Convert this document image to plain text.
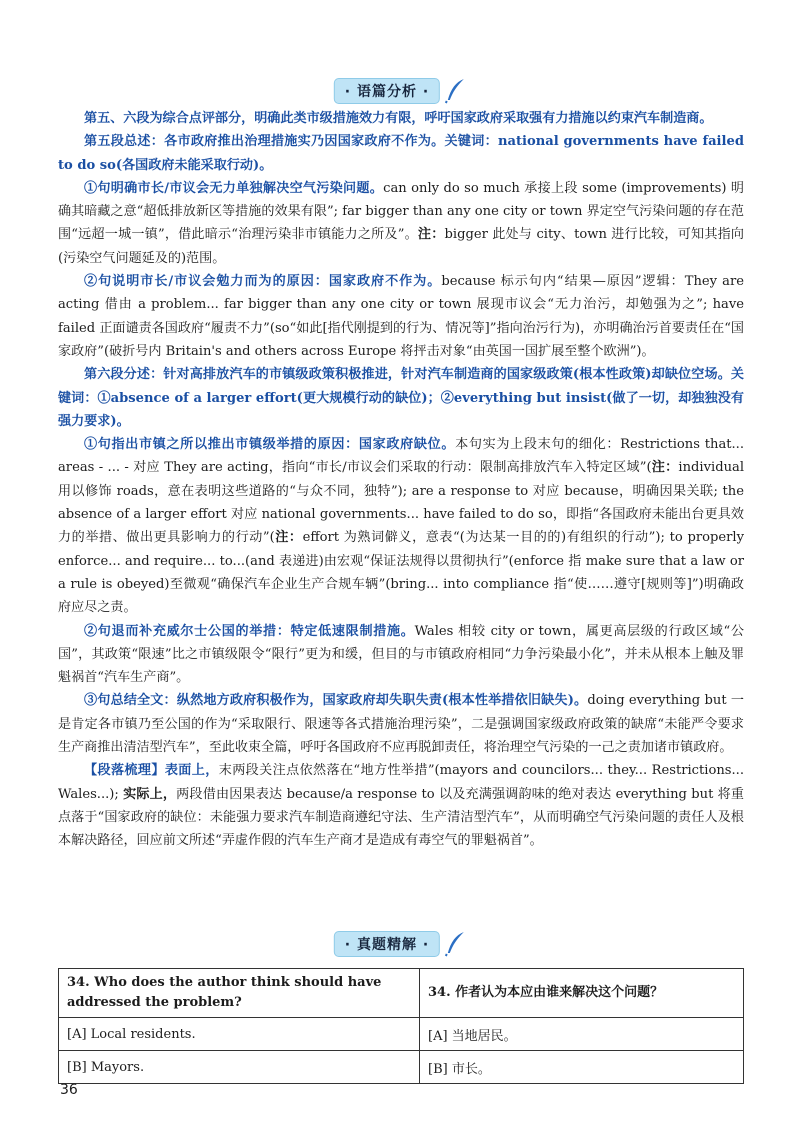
· 语篇分析 ·

第五、六段为综合点评部分，明确此类市级措施效力有限，呼吁国家政府采取强有力措施以约束汽车制造商。

第五段总述：各市政府推出治理措施实乃因国家政府不作为。关键词：national governments have failed to do so(各国政府未能采取行动)。

①句明确市长/市议会无力单独解决空气污染问题。can only do so much 承接上段 some (improvements) 明确其暗藏之意“超低排放新区等措施的效果有限”; far bigger than any one city or town 界定空气污染问题的存在范围“远超一城一镇”，借此暗示“治理污染非市镇能力之所及”。注：bigger 此处与 city、town 进行比较，可知其指向(污染空气问题延及的)范围。

②句说明市长/市议会勉力而为的原因：国家政府不作为。because 标示句内“结果—原因”逻辑：They are acting 借由 a problem... far bigger than any one city or town 展现市议会“无力治污，却勉强为之”; have failed 正面谴责各国政府“履责不力”(so“如此[指代刚提到的行为、情况等]”指向治污行为)，亦明确治污首要责任在“国家政府”(破折号内 Britain's and others across Europe 将抨击对象“由英国一国扩展至整个欧洲”)。

第六段分述：针对高排放汽车的市镇级政策积极推进，针对汽车制造商的国家级政策(根本性政策)却缺位空场。关键词：①absence of a larger effort(更大规模行动的缺位)；②everything but insist(做了一切，却独独没有强力要求)。

①句指出市镇之所以推出市镇级举措的原因：国家政府缺位。本句实为上段末句的细化：Restrictions that... areas - ... - 对应 They are acting，指向“市长/市议会们采取的行动：限制高排放汽车入特定区域”(注：individual 用以修饰 roads，意在表明这些道路的“与众不同，独特”); are a response to 对应 because，明确因果关联; the absence of a larger effort 对应 national governments... have failed to do so，即指“各国政府未能出台更具效力的举措、做出更具影响力的行动”(注：effort 为熟词僻义，意表“(为达某一目的的)有组织的行动”); to properly enforce... and require... to...(and 表递进)由宏观“保证法规得以贯彻执行”(enforce 指 make sure that a law or a rule is obeyed)至微观“确保汽车企业生产合规车辆”(bring... into compliance 指“使……遵守[规则等]”)明确政府应尽之责。

②句退而补充威尔士公国的举措：特定低速限制措施。Wales 相较 city or town，属更高层级的行政区域“公国”，其政策“限速”比之市镇级限令“限行”更为和缓，但目的与市镇政府相同“力争污染最小化”，并未从根本上触及罪魁祸首“汽车生产商”。

③句总结全文：纵然地方政府积极作为，国家政府却失职失责(根本性举措依旧缺失)。doing everything but 一是肯定各市镇乃至公国的作为“采取限行、限速等各式措施治理污染”，二是强调国家级政府政策的缺席“未能严令要求生产商推出清洁型汽车”，至此收束全篇，呼吁各国政府不应再脱卸责任，将治理空气污染的一己之责加诸市镇政府。

【段落梳理】表面上，末两段关注点依然落在“地方性举措”(mayors and councilors... they... Restrictions... Wales...); 实际上，两段借由因果表达 because/a response to 以及充满强调韵味的绝对表达 everything but 将重点落于“国家政府的缺位：未能强力要求汽车制造商遵纪守法、生产清洁型汽车”，从而明确空气污染问题的责任人及根本解决路径，回应前文所述“弄虚作假的汽车生产商才是造成有毒空气的罪魁祸首”。

· 真题精解 ·
34. Who does the author think should have addressed the problem?	34. 作者认为本应由谁来解决这个问题？
[A] Local residents.	[A] 当地居民。
[B] Mayors.	[B] 市长。
36
